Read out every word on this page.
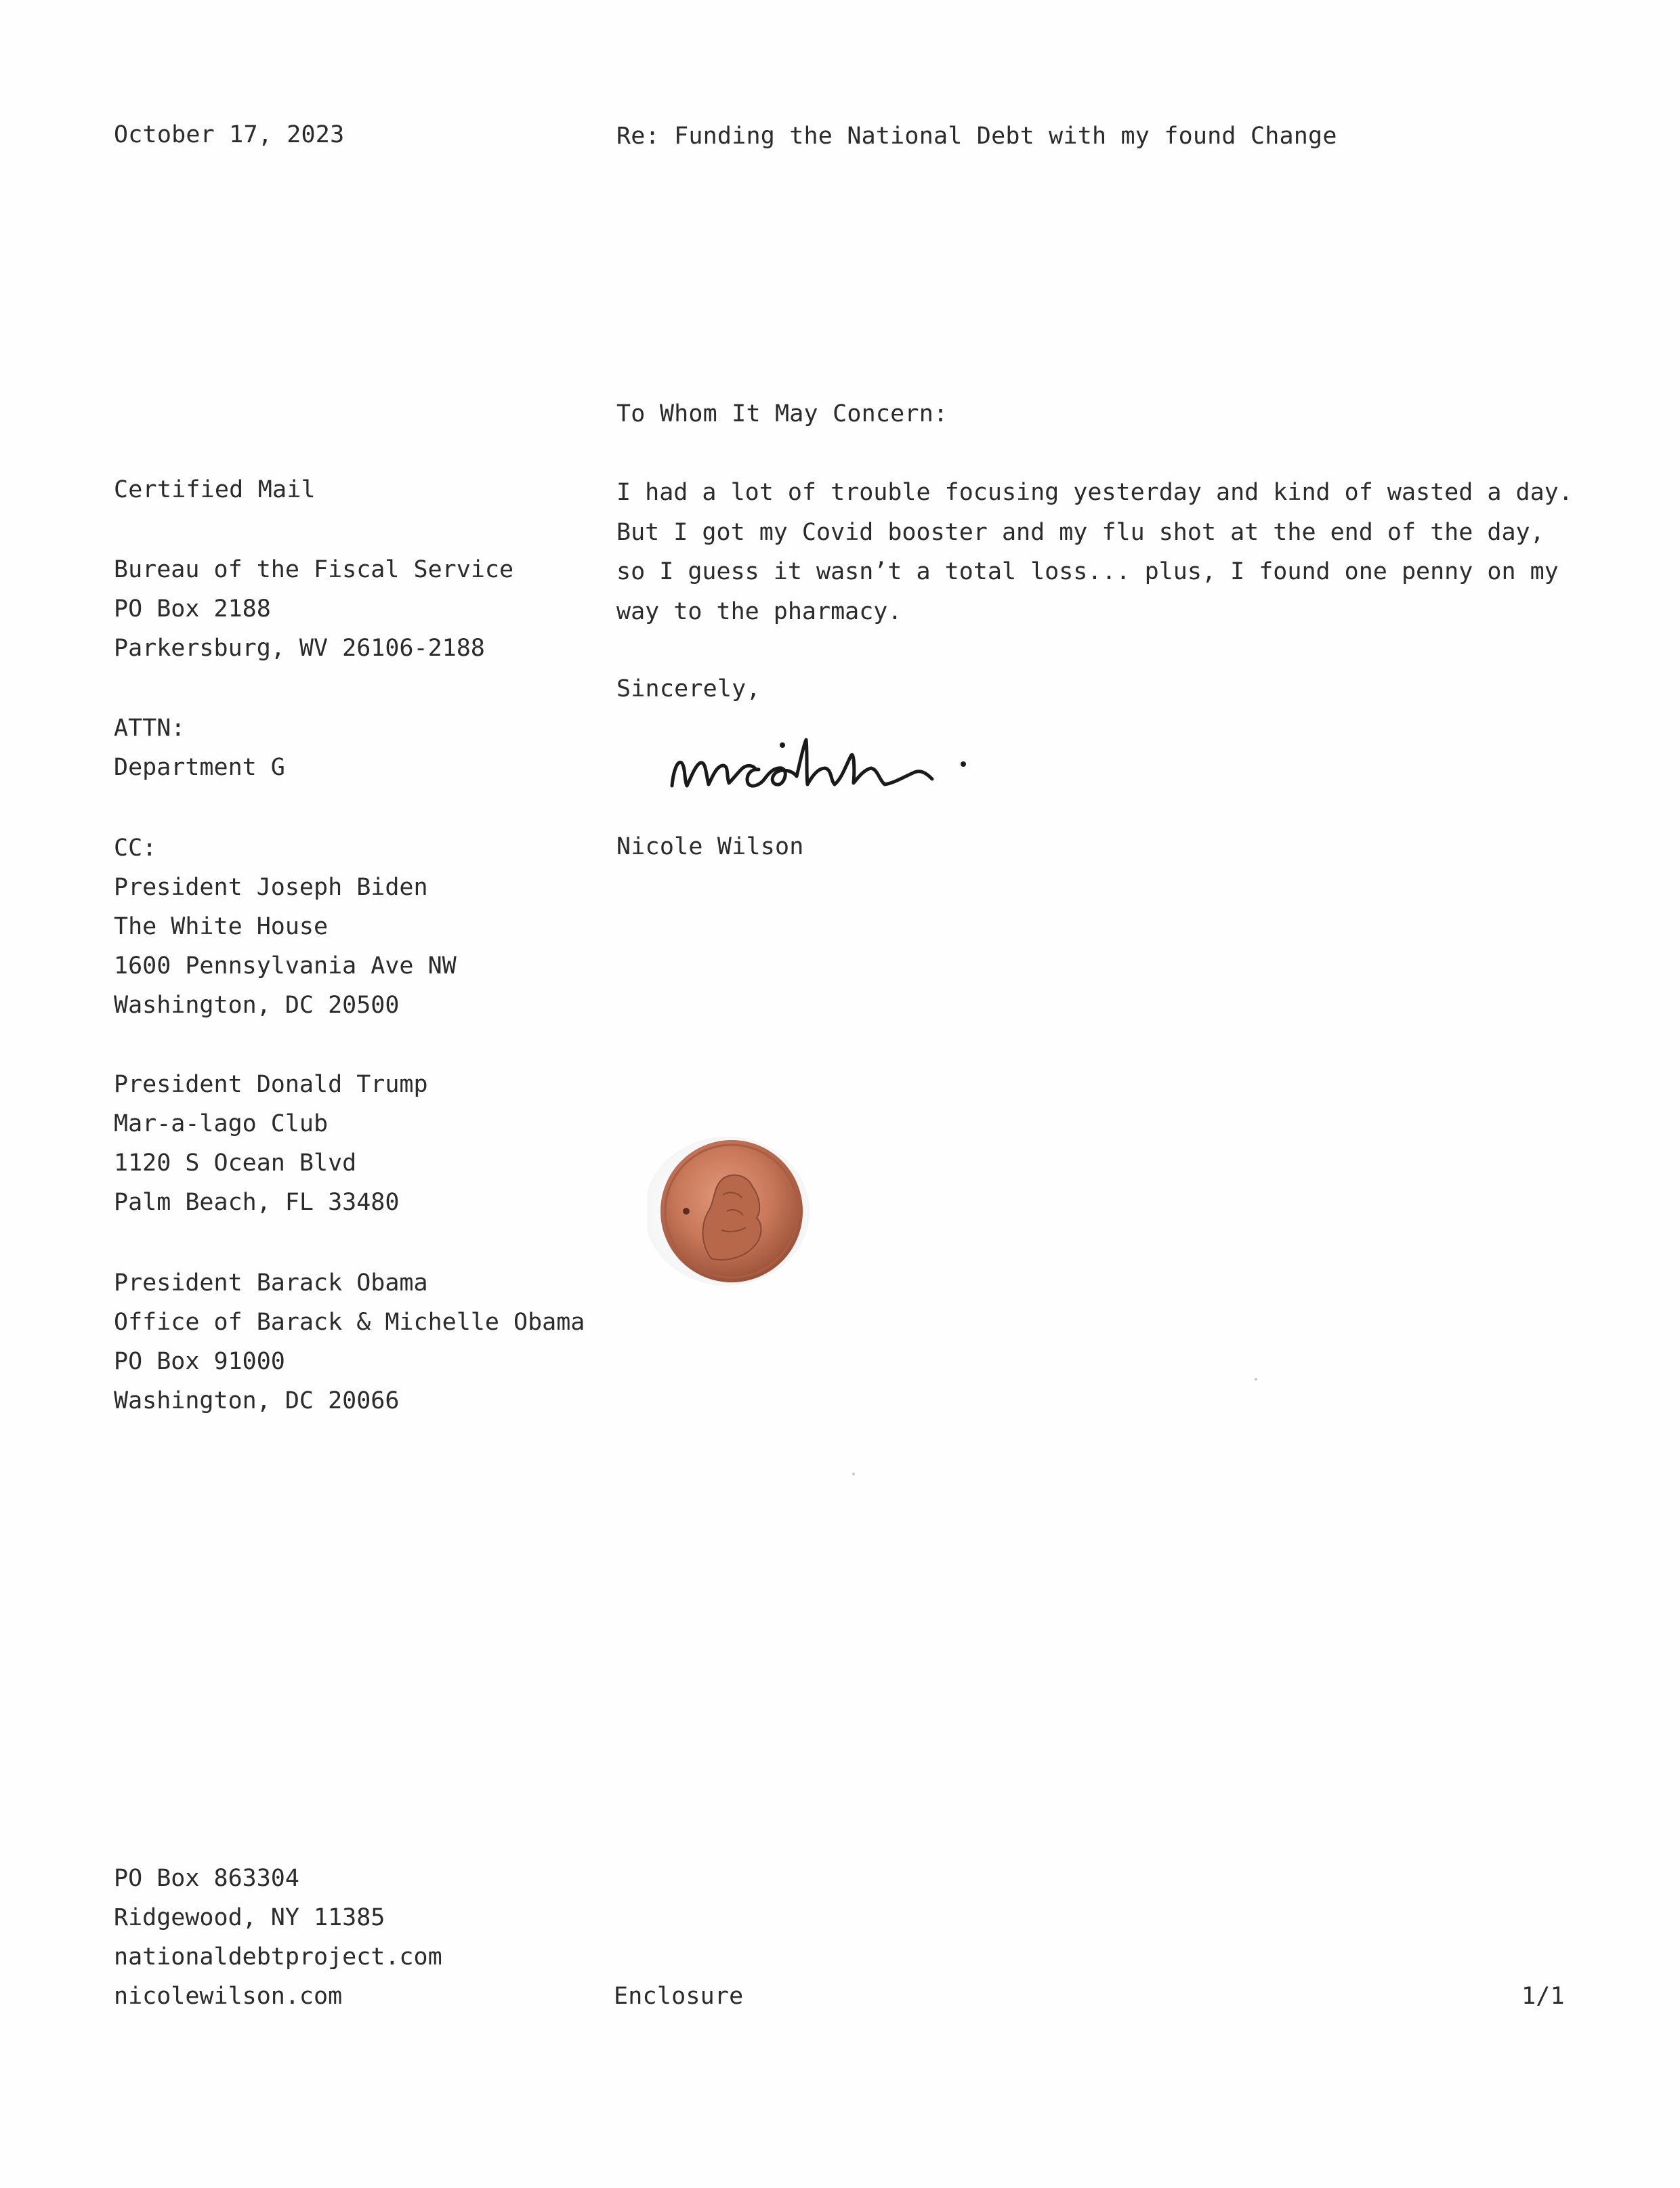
October 17, 2023	Re: Funding the National Debt with my found Change
To Whom It May Concern:
Certified Mail
Bureau of the Fiscal Service
PO Box 2188
Parkersburg, WV 26106-2188
ATTN:
Department G
CC:
President Joseph Biden
The White House
1600 Pennsylvania Ave NW
Washington, DC 20500
President Donald Trump
Mar-a-lago Club
1120 S Ocean Blvd
Palm Beach, FL 33480
President Barack Obama
Office of Barack & Michelle Obama
PO Box 91000
Washington, DC 20066
I had a lot of trouble focusing yesterday and kind of wasted a day.
But I got my Covid booster and my flu shot at the end of the day,
so I guess it wasn’t a total loss... plus, I found one penny on my
way to the pharmacy.
Sincerely,
Nicole Wilson
PO Box 863304
Ridgewood, NY 11385
nationaldebtproject.com
nicolewilson.com	Enclosure	1/1
